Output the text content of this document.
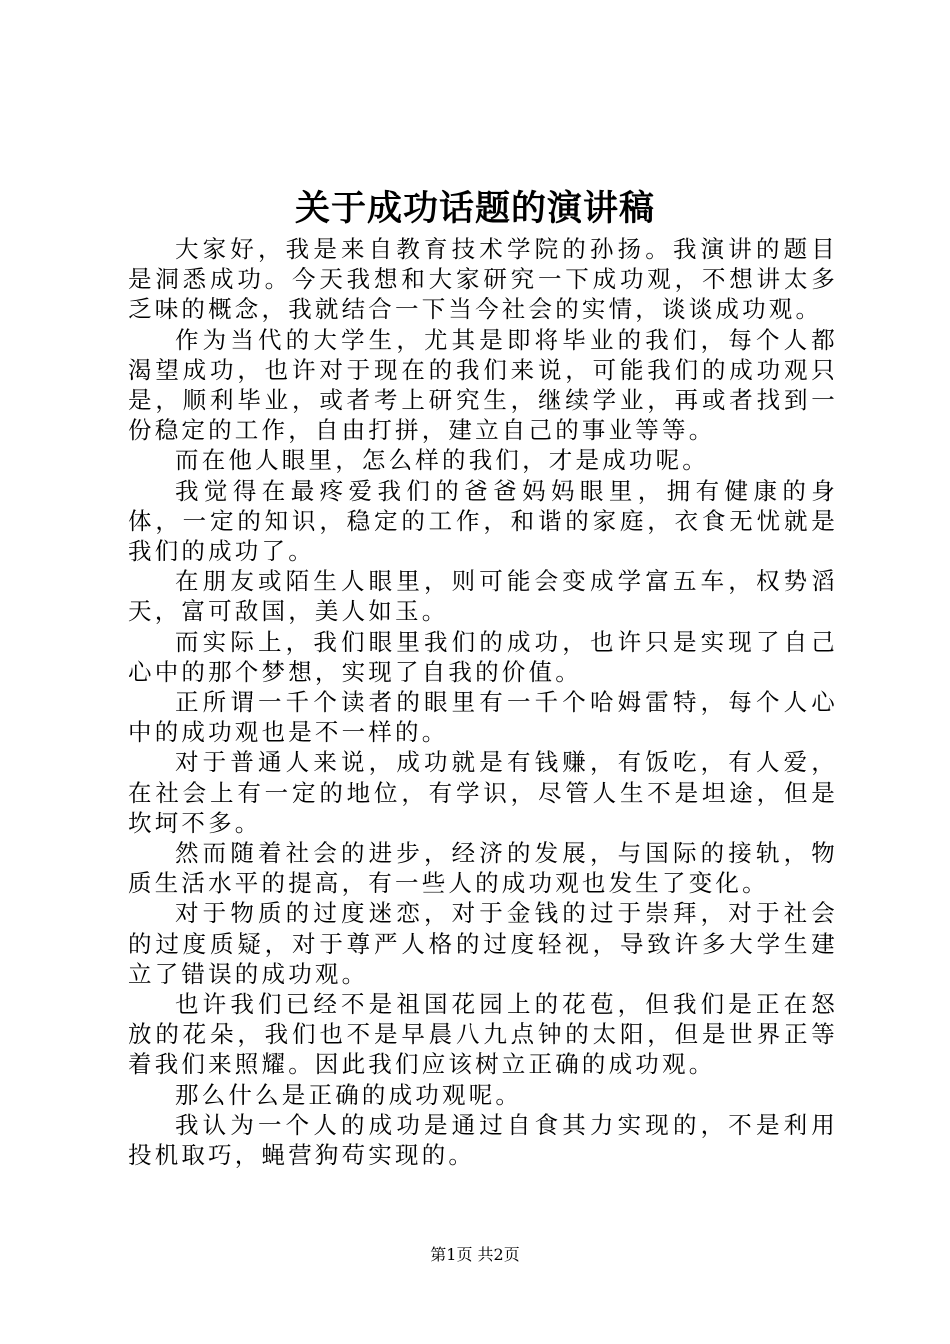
关于成功话题的演讲稿

大家好，我是来自教育技术学院的孙扬。我演讲的题目是洞悉成功。今天我想和大家研究一下成功观，不想讲太多乏味的概念，我就结合一下当今社会的实情，谈谈成功观。

作为当代的大学生，尤其是即将毕业的我们，每个人都渴望成功，也许对于现在的我们来说，可能我们的成功观只是，顺利毕业，或者考上研究生，继续学业，再或者找到一份稳定的工作，自由打拼，建立自己的事业等等。

而在他人眼里，怎么样的我们，才是成功呢。

我觉得在最疼爱我们的爸爸妈妈眼里，拥有健康的身体，一定的知识，稳定的工作，和谐的家庭，衣食无忧就是我们的成功了。

在朋友或陌生人眼里，则可能会变成学富五车，权势滔天，富可敌国，美人如玉。

而实际上，我们眼里我们的成功，也许只是实现了自己心中的那个梦想，实现了自我的价值。

正所谓一千个读者的眼里有一千个哈姆雷特，每个人心中的成功观也是不一样的。

对于普通人来说，成功就是有钱赚，有饭吃，有人爱，在社会上有一定的地位，有学识，尽管人生不是坦途，但是坎坷不多。

然而随着社会的进步，经济的发展，与国际的接轨，物质生活水平的提高，有一些人的成功观也发生了变化。

对于物质的过度迷恋，对于金钱的过于崇拜，对于社会的过度质疑，对于尊严人格的过度轻视，导致许多大学生建立了错误的成功观。

也许我们已经不是祖国花园上的花苞，但我们是正在怒放的花朵，我们也不是早晨八九点钟的太阳，但是世界正等着我们来照耀。因此我们应该树立正确的成功观。

那么什么是正确的成功观呢。

我认为一个人的成功是通过自食其力实现的，不是利用投机取巧，蝇营狗苟实现的。

第1页 共2页
